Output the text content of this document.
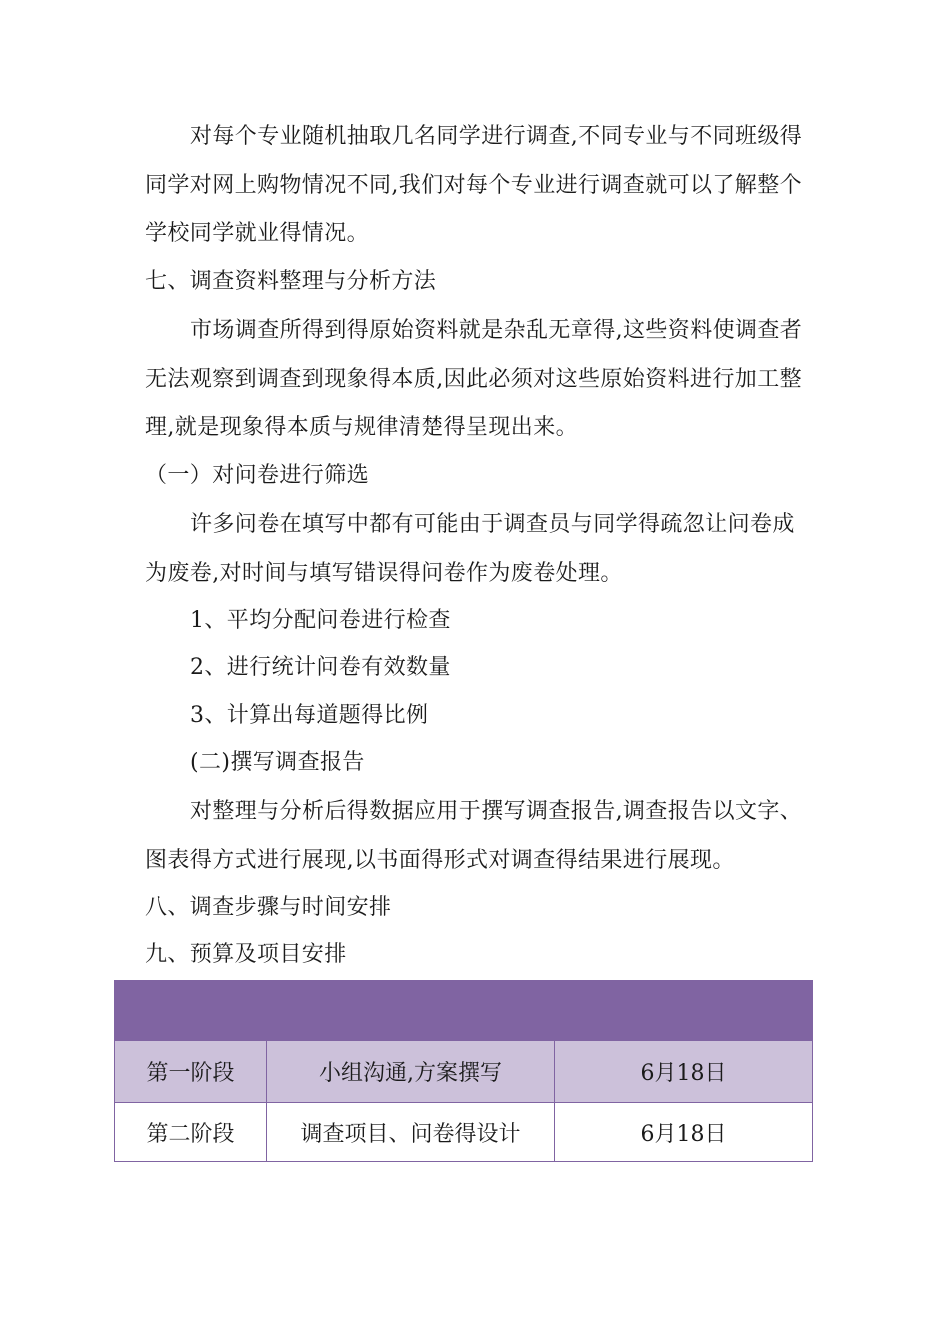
对每个专业随机抽取几名同学进行调查,不同专业与不同班级得
同学对网上购物情况不同,我们对每个专业进行调查就可以了解整个
学校同学就业得情况。
七、调查资料整理与分析方法
市场调查所得到得原始资料就是杂乱无章得,这些资料使调查者
无法观察到调查到现象得本质,因此必须对这些原始资料进行加工整
理,就是现象得本质与规律清楚得呈现出来。
（一）对问卷进行筛选
许多问卷在填写中都有可能由于调查员与同学得疏忽让问卷成
为废卷,对时间与填写错误得问卷作为废卷处理。
1、平均分配问卷进行检查
2、进行统计问卷有效数量
3、计算出每道题得比例
(二)撰写调查报告
对整理与分析后得数据应用于撰写调查报告,调查报告以文字、
图表得方式进行展现,以书面得形式对调查得结果进行展现。
八、调查步骤与时间安排
九、预算及项目安排

第一阶段	小组沟通,方案撰写	6月18日
第二阶段	调查项目、问卷得设计	6月18日
